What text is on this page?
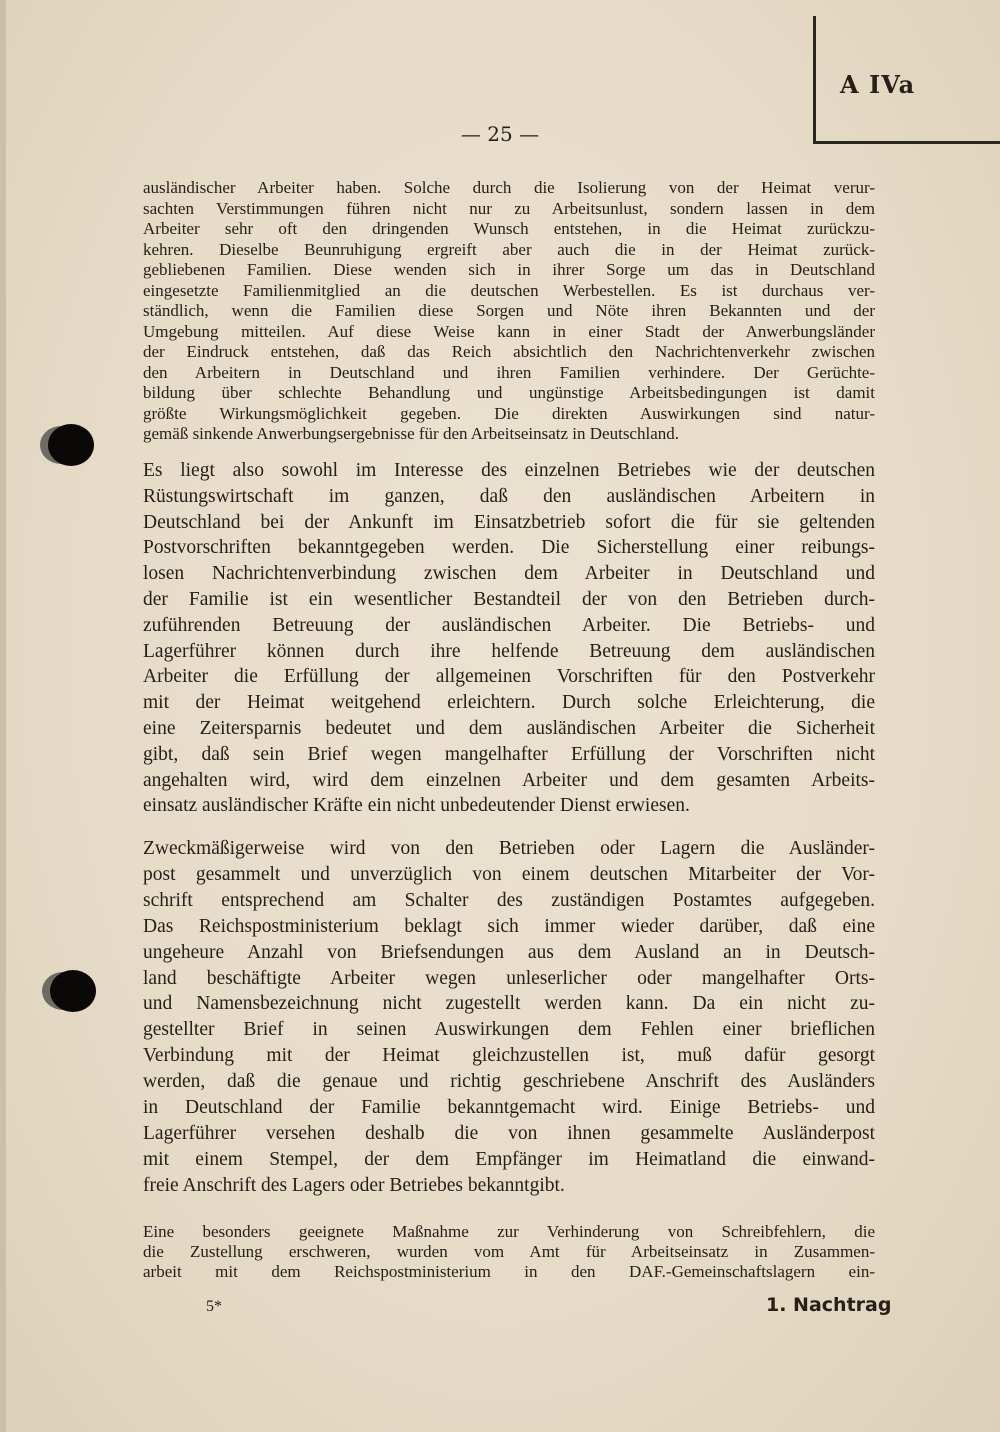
A IVa
— 25 —
ausländischer Arbeiter haben. Solche durch die Isolierung von der Heimat verur-
sachten Verstimmungen führen nicht nur zu Arbeitsunlust, sondern lassen in dem
Arbeiter sehr oft den dringenden Wunsch entstehen, in die Heimat zurückzu-
kehren. Dieselbe Beunruhigung ergreift aber auch die in der Heimat zurück-
gebliebenen Familien. Diese wenden sich in ihrer Sorge um das in Deutschland
eingesetzte Familienmitglied an die deutschen Werbestellen. Es ist durchaus ver-
ständlich, wenn die Familien diese Sorgen und Nöte ihren Bekannten und der
Umgebung mitteilen. Auf diese Weise kann in einer Stadt der Anwerbungsländer
der Eindruck entstehen, daß das Reich absichtlich den Nachrichtenverkehr zwischen
den Arbeitern in Deutschland und ihren Familien verhindere. Der Gerüchte-
bildung über schlechte Behandlung und ungünstige Arbeitsbedingungen ist damit
größte Wirkungsmöglichkeit gegeben. Die direkten Auswirkungen sind natur-
gemäß sinkende Anwerbungsergebnisse für den Arbeitseinsatz in Deutschland.
Es liegt also sowohl im Interesse des einzelnen Betriebes wie der deutschen
Rüstungswirtschaft im ganzen, daß den ausländischen Arbeitern in
Deutschland bei der Ankunft im Einsatzbetrieb sofort die für sie geltenden
Postvorschriften bekanntgegeben werden. Die Sicherstellung einer reibungs-
losen Nachrichtenverbindung zwischen dem Arbeiter in Deutschland und
der Familie ist ein wesentlicher Bestandteil der von den Betrieben durch-
zuführenden Betreuung der ausländischen Arbeiter. Die Betriebs- und
Lagerführer können durch ihre helfende Betreuung dem ausländischen
Arbeiter die Erfüllung der allgemeinen Vorschriften für den Postverkehr
mit der Heimat weitgehend erleichtern. Durch solche Erleichterung, die
eine Zeitersparnis bedeutet und dem ausländischen Arbeiter die Sicherheit
gibt, daß sein Brief wegen mangelhafter Erfüllung der Vorschriften nicht
angehalten wird, wird dem einzelnen Arbeiter und dem gesamten Arbeits-
einsatz ausländischer Kräfte ein nicht unbedeutender Dienst erwiesen.
Zweckmäßigerweise wird von den Betrieben oder Lagern die Ausländer-
post gesammelt und unverzüglich von einem deutschen Mitarbeiter der Vor-
schrift entsprechend am Schalter des zuständigen Postamtes aufgegeben.
Das Reichspostministerium beklagt sich immer wieder darüber, daß eine
ungeheure Anzahl von Briefsendungen aus dem Ausland an in Deutsch-
land beschäftigte Arbeiter wegen unleserlicher oder mangelhafter Orts-
und Namensbezeichnung nicht zugestellt werden kann. Da ein nicht zu-
gestellter Brief in seinen Auswirkungen dem Fehlen einer brieflichen
Verbindung mit der Heimat gleichzustellen ist, muß dafür gesorgt
werden, daß die genaue und richtig geschriebene Anschrift des Ausländers
in Deutschland der Familie bekanntgemacht wird. Einige Betriebs- und
Lagerführer versehen deshalb die von ihnen gesammelte Ausländerpost
mit einem Stempel, der dem Empfänger im Heimatland die einwand-
freie Anschrift des Lagers oder Betriebes bekanntgibt.
Eine besonders geeignete Maßnahme zur Verhinderung von Schreibfehlern, die
die Zustellung erschweren, wurden vom Amt für Arbeitseinsatz in Zusammen-
arbeit mit dem Reichspostministerium in den DAF.-Gemeinschaftslagern ein-
5*	1. Nachtrag
